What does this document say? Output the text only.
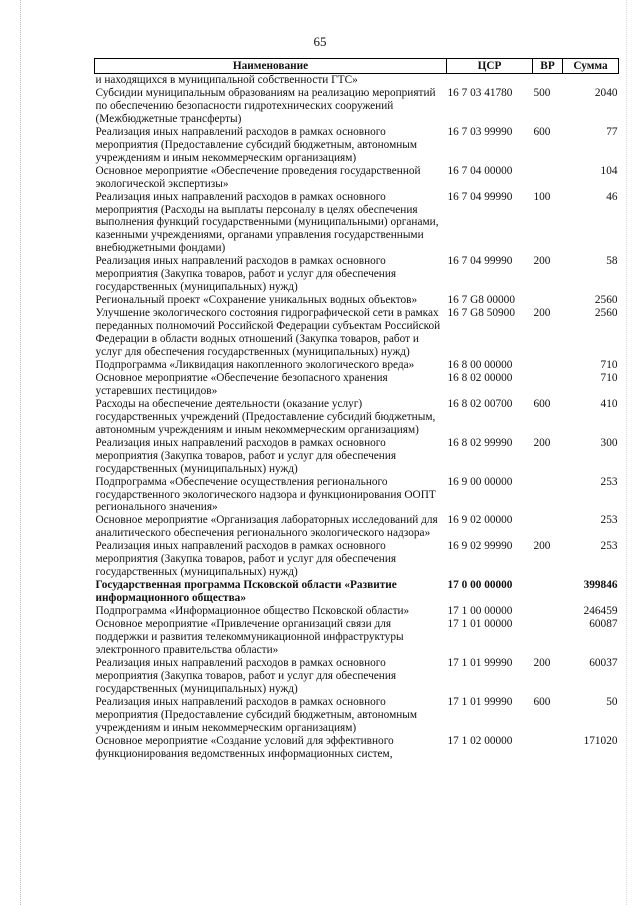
65
Наименование	ЦСР	ВР	Сумма
и находящихся в муниципальной собственности ГТС»			
Субсидии муниципальным образованиям на реализацию мероприятий по обеспечению безопасности гидротехнических сооружений (Межбюджетные трансферты)	16 7 03 41780	500	2040
Реализация иных направлений расходов в рамках основного мероприятия (Предоставление субсидий бюджетным, автономным учреждениям и иным некоммерческим организациям)	16 7 03 99990	600	77
Основное мероприятие «Обеспечение проведения государственной экологической экспертизы»	16 7 04 00000		104
Реализация иных направлений расходов в рамках основного мероприятия (Расходы на выплаты персоналу в целях обеспечения выполнения функций государственными (муниципальными) органами, казенными учреждениями, органами управления государственными внебюджетными фондами)	16 7 04 99990	100	46
Реализация иных направлений расходов в рамках основного мероприятия (Закупка товаров, работ и услуг для обеспечения государственных (муниципальных) нужд)	16 7 04 99990	200	58
Региональный проект «Сохранение уникальных водных объектов»	16 7 G8 00000		2560
Улучшение экологического состояния гидрографической сети в рамках переданных полномочий Российской Федерации субъектам Российской Федерации в области водных отношений (Закупка товаров, работ и услуг для обеспечения государственных (муниципальных) нужд)	16 7 G8 50900	200	2560
Подпрограмма «Ликвидация накопленного экологического вреда»	16 8 00 00000		710
Основное мероприятие «Обеспечение безопасного хранения устаревших пестицидов»	16 8 02 00000		710
Расходы на обеспечение деятельности (оказание услуг) государственных учреждений (Предоставление субсидий бюджетным, автономным учреждениям и иным некоммерческим организациям)	16 8 02 00700	600	410
Реализация иных направлений расходов в рамках основного мероприятия (Закупка товаров, работ и услуг для обеспечения государственных (муниципальных) нужд)	16 8 02 99990	200	300
Подпрограмма «Обеспечение осуществления регионального государственного экологического надзора и функционирования ООПТ регионального значения»	16 9 00 00000		253
Основное мероприятие «Организация лабораторных исследований для аналитического обеспечения регионального экологического надзора»	16 9 02 00000		253
Реализация иных направлений расходов в рамках основного мероприятия (Закупка товаров, работ и услуг для обеспечения государственных (муниципальных) нужд)	16 9 02 99990	200	253
Государственная программа Псковской области «Развитие информационного общества»	17 0 00 00000		399846
Подпрограмма «Информационное общество Псковской области»	17 1 00 00000		246459
Основное мероприятие «Привлечение организаций связи для поддержки и развития телекоммуникационной инфраструктуры электронного правительства области»	17 1 01 00000		60087
Реализация иных направлений расходов в рамках основного мероприятия (Закупка товаров, работ и услуг для обеспечения государственных (муниципальных) нужд)	17 1 01 99990	200	60037
Реализация иных направлений расходов в рамках основного мероприятия (Предоставление субсидий бюджетным, автономным учреждениям и иным некоммерческим организациям)	17 1 01 99990	600	50
Основное мероприятие «Создание условий для эффективного функционирования ведомственных информационных систем,	17 1 02 00000		171020
